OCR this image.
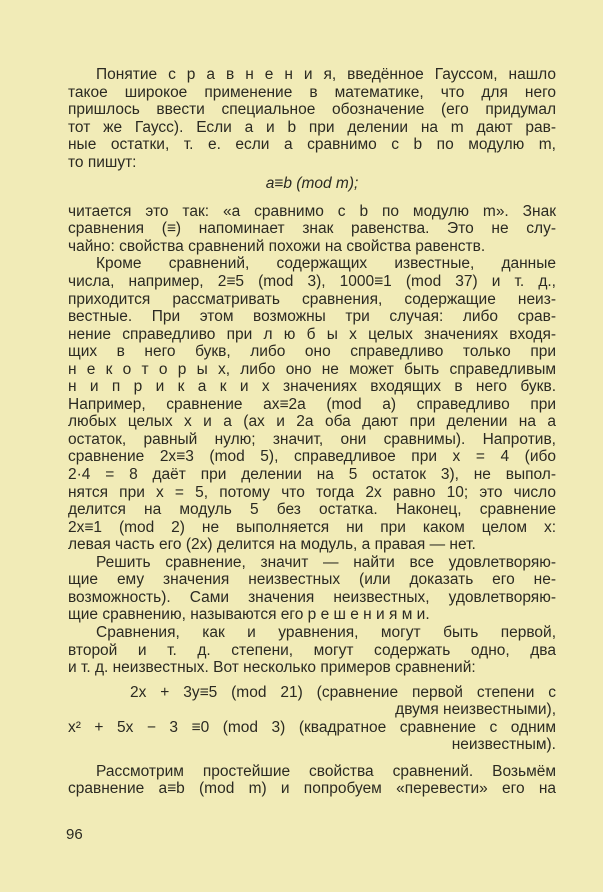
Понятие с р а в н е н и я, введённое Гауссом, нашло
такое широкое применение в математике, что для него
пришлось ввести специальное обозначение (его придумал
тот же Гаусс). Если a и b при делении на m дают рав-
ные остатки, т. е. если a сравнимо с b по модулю m,
то пишут:
a≡b (mod m);
читается это так: «a сравнимо с b по модулю m». Знак
сравнения (≡) напоминает знак равенства. Это не слу-
чайно: свойства сравнений похожи на свойства равенств.
Кроме сравнений, содержащих известные, данные
числа, например, 2≡5 (mod 3), 1000≡1 (mod 37) и т. д.,
приходится рассматривать сравнения, содержащие неиз-
вестные. При этом возможны три случая: либо срав-
нение справедливо при л ю б ы х целых значениях входя-
щих в него букв, либо оно справедливо только при
н е к о т о р ы х, либо оно не может быть справедливым
н и п р и к а к и х значениях входящих в него букв.
Например, сравнение ax≡2a (mod a) справедливо при
любых целых x и a (ax и 2a оба дают при делении на a
остаток, равный нулю; значит, они сравнимы). Напротив,
сравнение 2x≡3 (mod 5), справедливое при x = 4 (ибо
2·4 = 8 даёт при делении на 5 остаток 3), не выпол-
нятся при x = 5, потому что тогда 2x равно 10; это число
делится на модуль 5 без остатка. Наконец, сравнение
2x≡1 (mod 2) не выполняется ни при каком целом x:
левая часть его (2x) делится на модуль, а правая — нет.
Решить сравнение, значит — найти все удовлетворяю-
щие ему значения неизвестных (или доказать его не-
возможность). Сами значения неизвестных, удовлетворяю-
щие сравнению, называются его р е ш е н и я м и.
Сравнения, как и уравнения, могут быть первой,
второй и т. д. степени, могут содержать одно, два
и т. д. неизвестных. Вот несколько примеров сравнений:
2x + 3y≡5 (mod 21) (сравнение первой степени с
двумя неизвестными),
x² + 5x − 3 ≡0 (mod 3) (квадратное сравнение с одним
неизвестным).
Рассмотрим простейшие свойства сравнений. Возьмём
сравнение a≡b (mod m) и попробуем «перевести» его на
96
